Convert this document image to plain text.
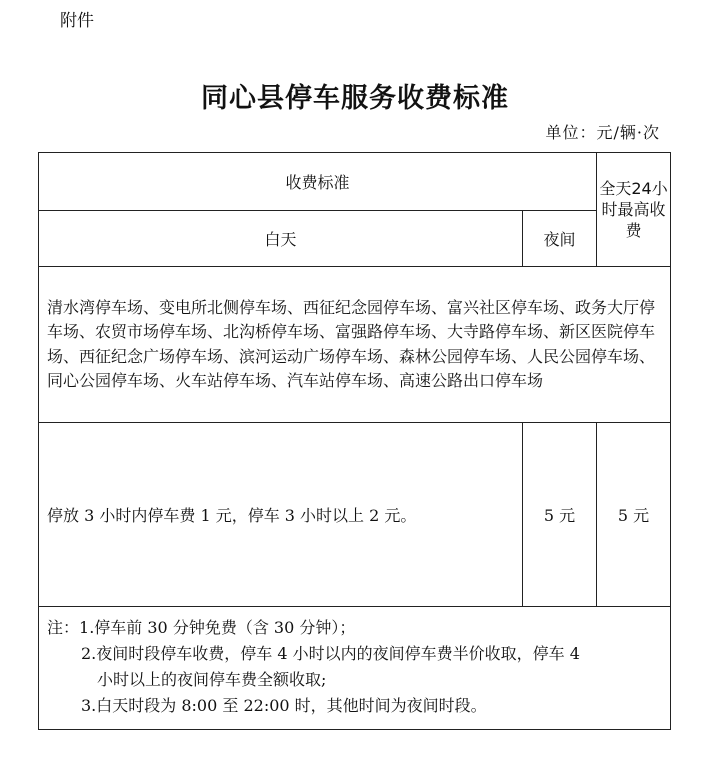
附件
同心县停车服务收费标准
单位：元/辆·次
收费标准		全天24小时最高收费
白天	夜间	
清水湾停车场、变电所北侧停车场、西征纪念园停车场、富兴社区停车场、政务大厅停车场、农贸市场停车场、北沟桥停车场、富强路停车场、大寺路停车场、新区医院停车场、西征纪念广场停车场、滨河运动广场停车场、森林公园停车场、人民公园停车场、同心公园停车场、火车站停车场、汽车站停车场、高速公路出口停车场		
停放 3 小时内停车费 1 元，停车 3 小时以上 2 元。	5 元	5 元

注：1.停车前 30 分钟免费（含 30 分钟）；
2.夜间时段停车收费，停车 4 小时以内的夜间停车费半价收取，停车 4
小时以上的夜间停车费全额收取;
3.白天时段为 8:00 至 22:00 时，其他时间为夜间时段。		
